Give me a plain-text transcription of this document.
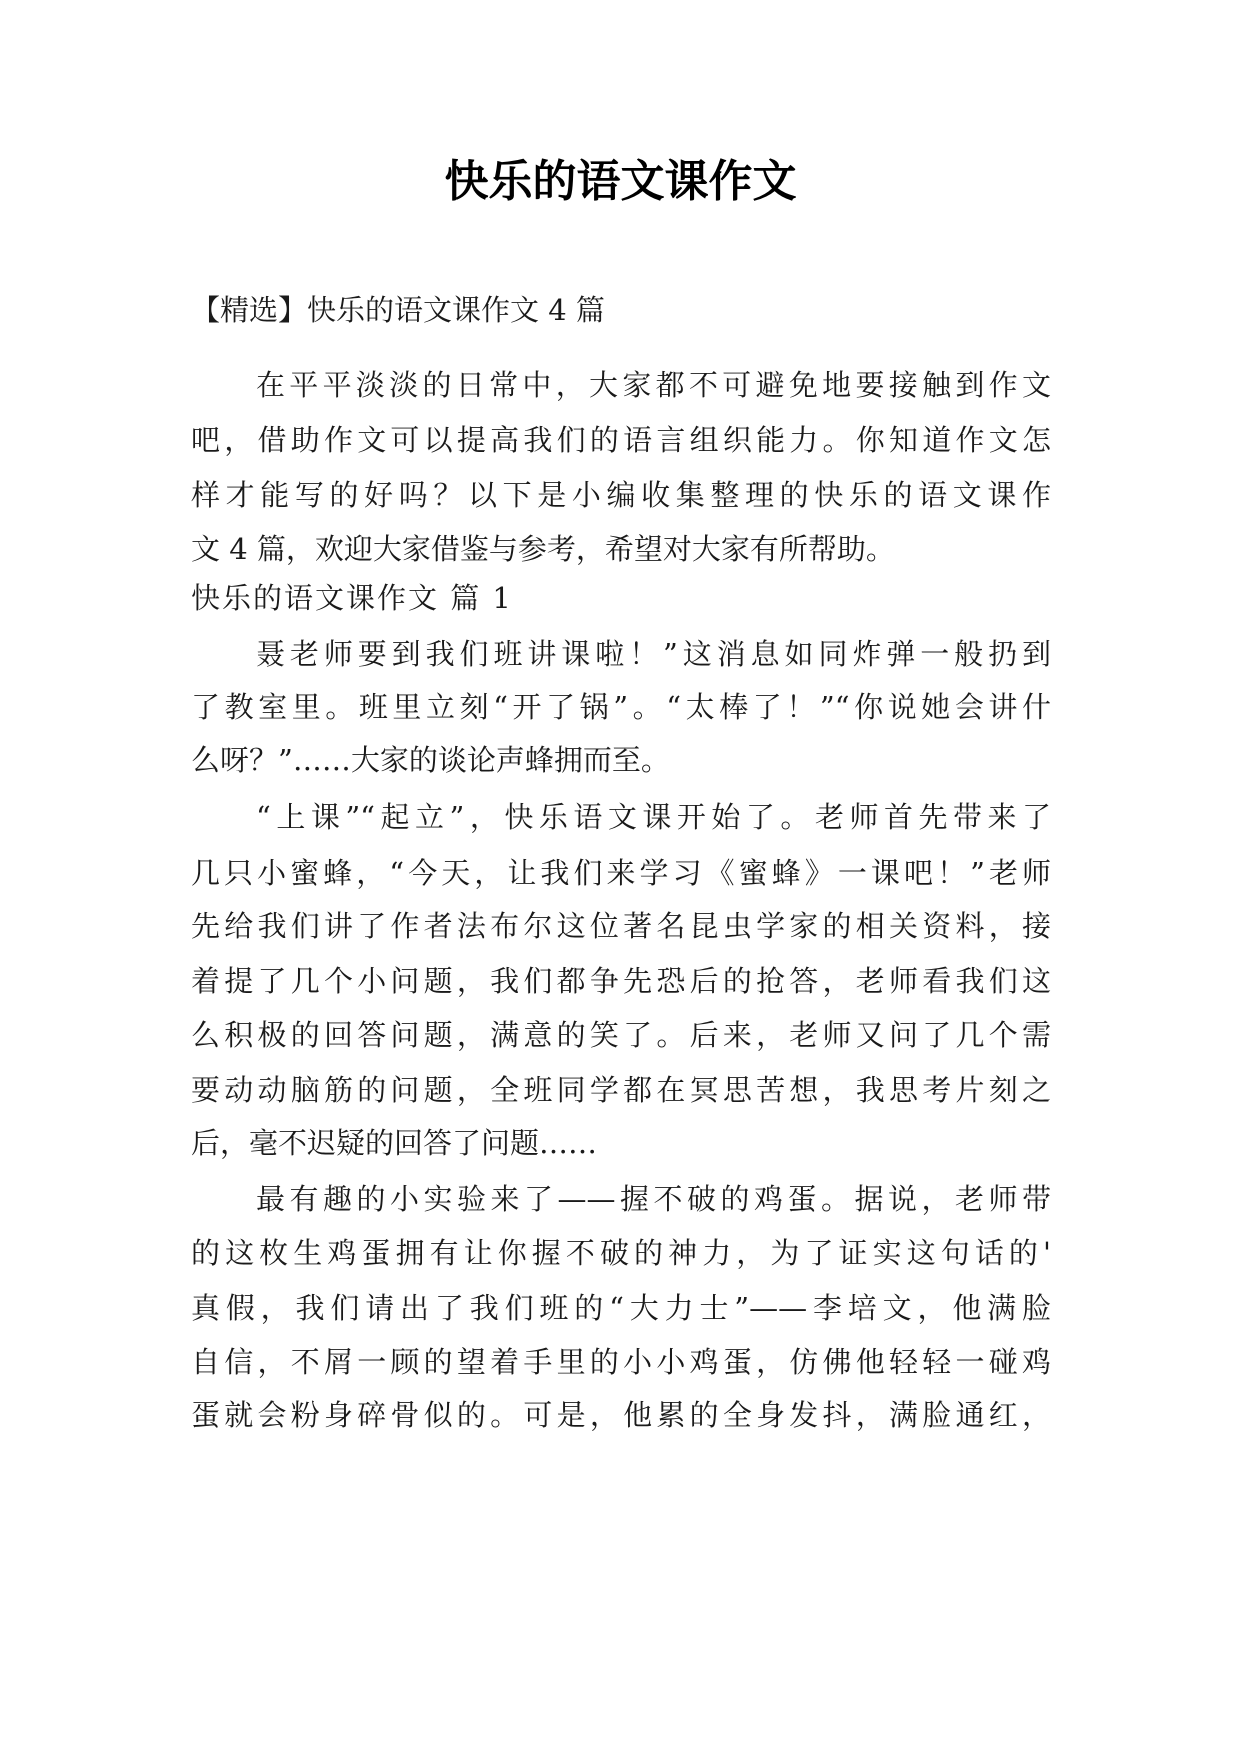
快乐的语文课作文
【精选】快乐的语文课作文 4 篇
在平平淡淡的日常中，大家都不可避免地要接触到作文
吧，借助作文可以提高我们的语言组织能力。你知道作文怎
样才能写的好吗？以下是小编收集整理的快乐的语文课作
文 4 篇，欢迎大家借鉴与参考，希望对大家有所帮助。
快乐的语文课作文 篇 1
聂老师要到我们班讲课啦！”这消息如同炸弹一般扔到
了教室里。班里立刻“开了锅”。“太棒了！”“你说她会讲什
么呀？”……大家的谈论声蜂拥而至。
“上课”“起立”，快乐语文课开始了。老师首先带来了
几只小蜜蜂，“今天，让我们来学习《蜜蜂》一课吧！”老师
先给我们讲了作者法布尔这位著名昆虫学家的相关资料，接
着提了几个小问题，我们都争先恐后的抢答，老师看我们这
么积极的回答问题，满意的笑了。后来，老师又问了几个需
要动动脑筋的问题，全班同学都在冥思苦想，我思考片刻之
后，毫不迟疑的回答了问题……
最有趣的小实验来了——握不破的鸡蛋。据说，老师带
的这枚生鸡蛋拥有让你握不破的神力，为了证实这句话的'
真假，我们请出了我们班的“大力士”——李培文，他满脸
自信，不屑一顾的望着手里的小小鸡蛋，仿佛他轻轻一碰鸡
蛋就会粉身碎骨似的。可是，他累的全身发抖，满脸通红，
